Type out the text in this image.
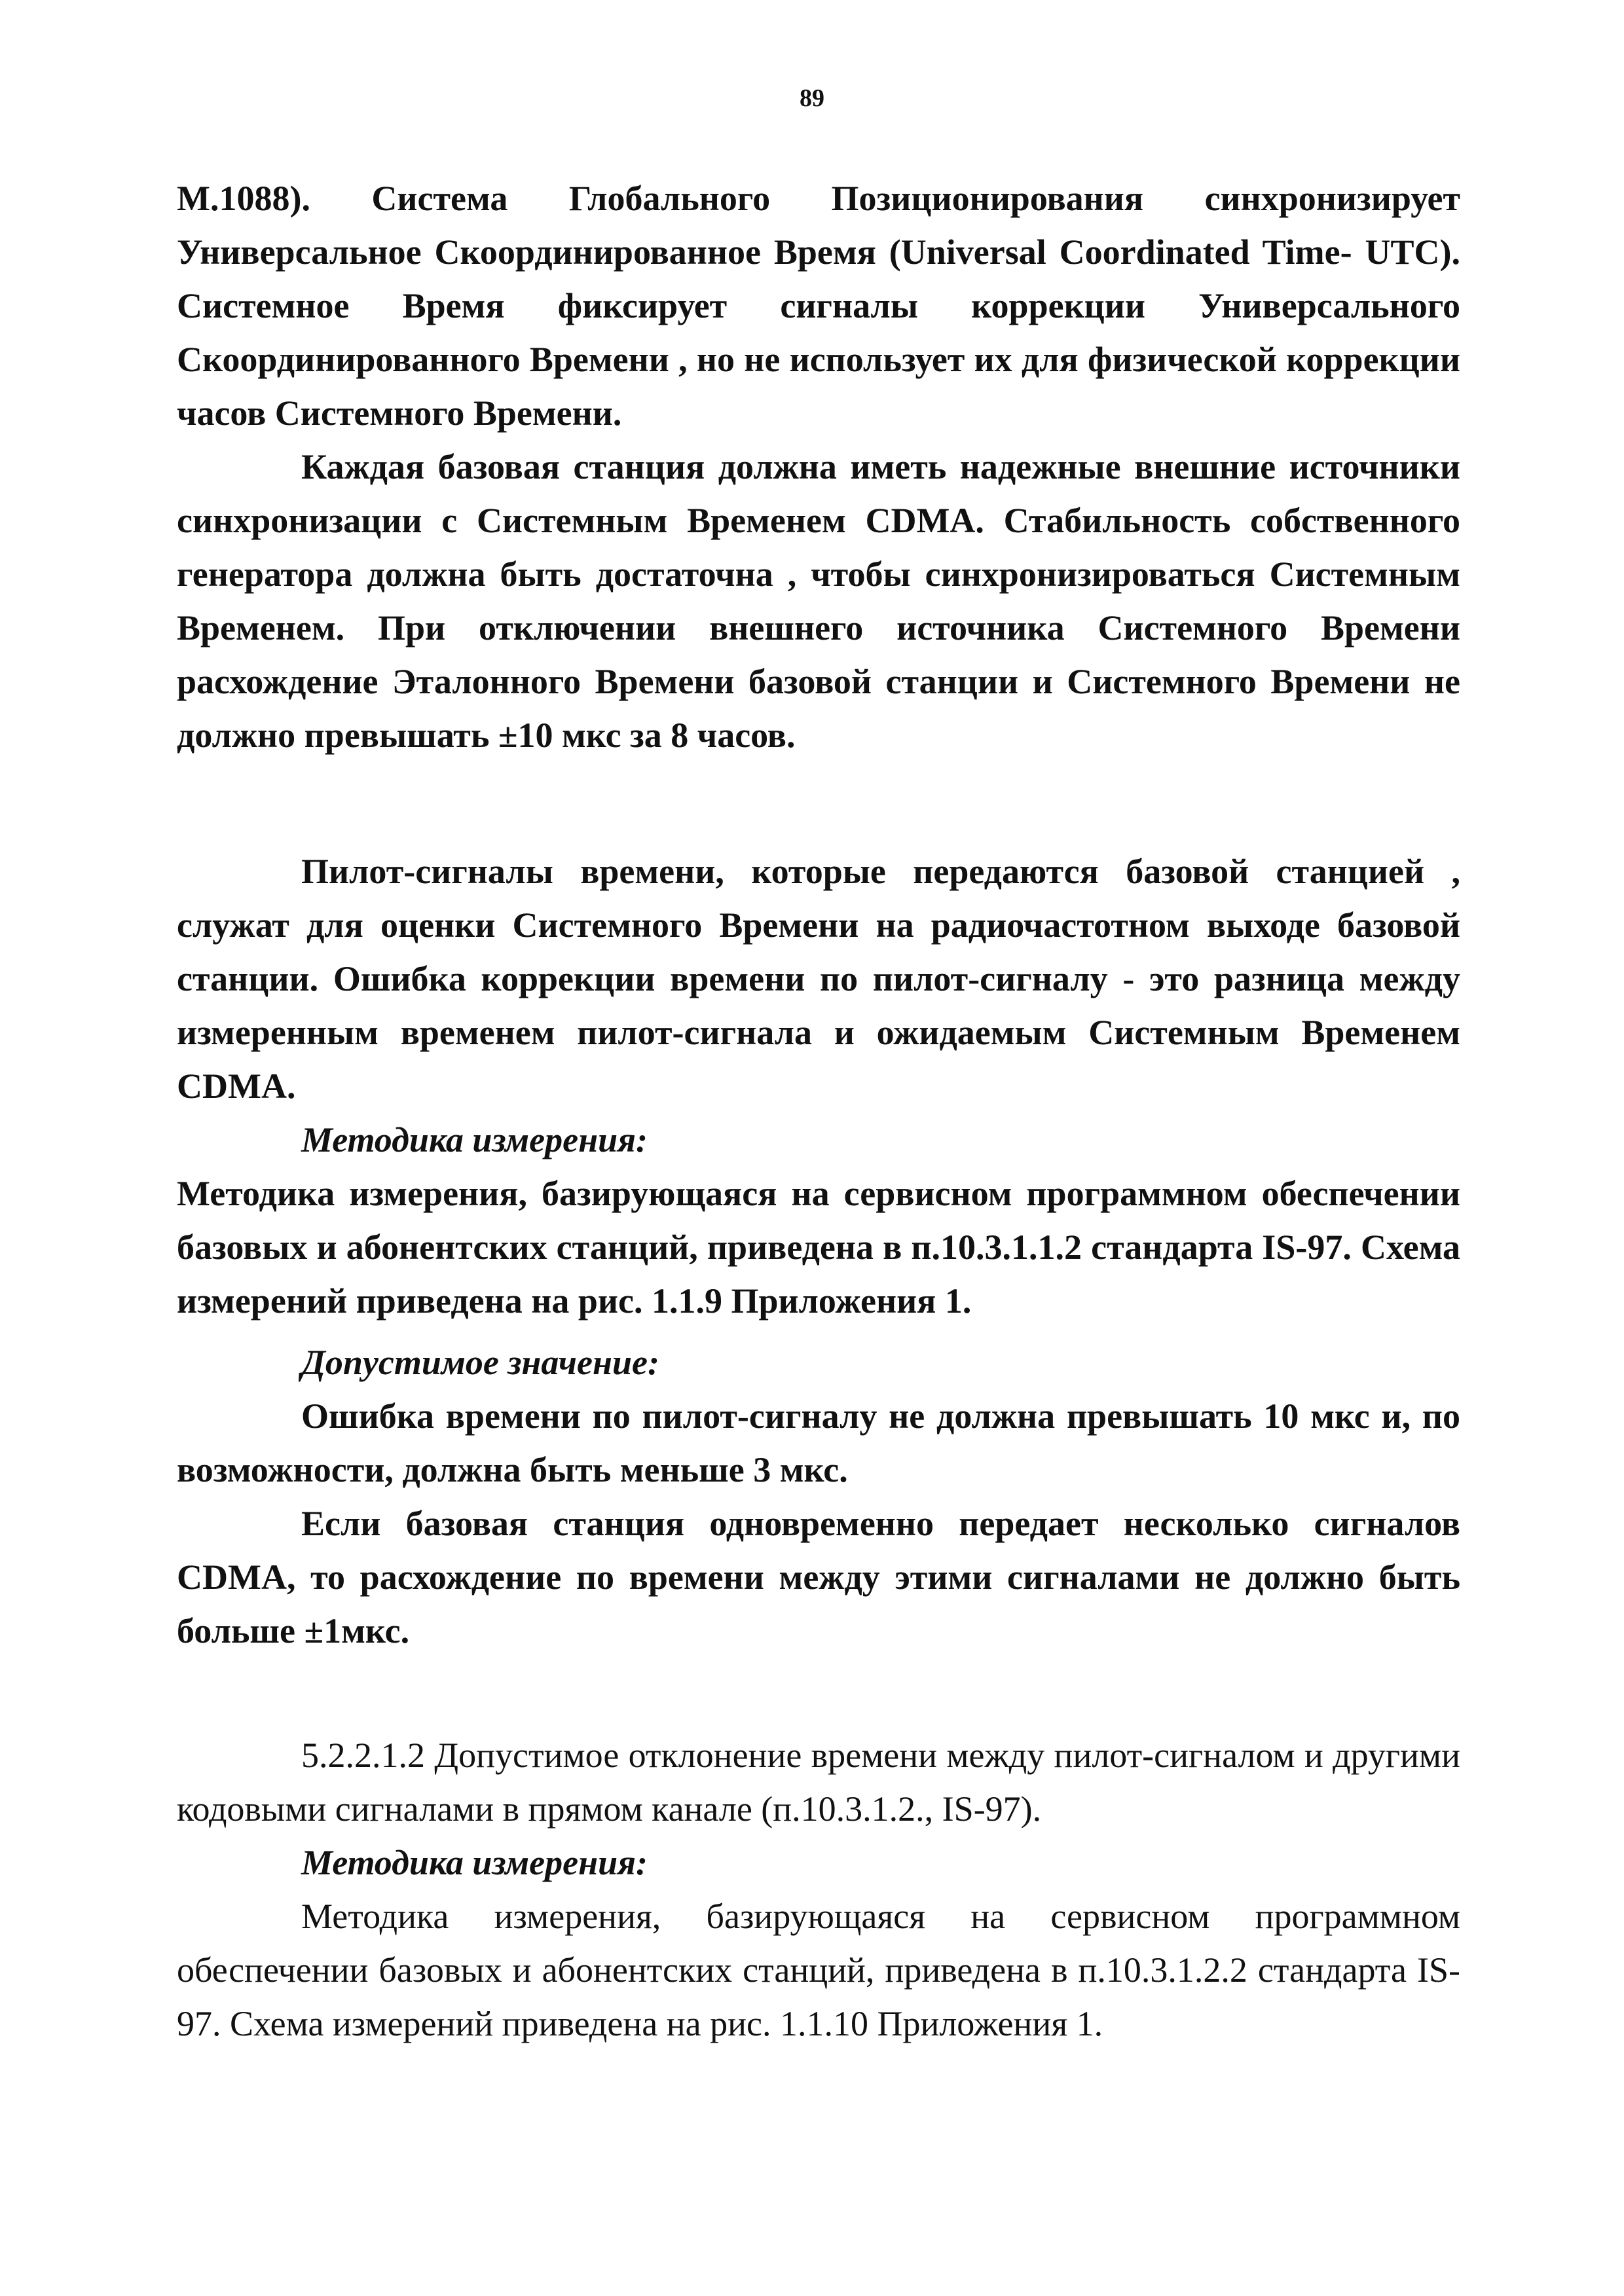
89

М.1088). Система Глобального Позиционирования синхронизирует Универсальное Скоординированное Время (Universal Coordinated Time- UTC). Системное Время фиксирует сигналы коррекции Универсального Скоординированного Времени , но не использует их для физической коррекции часов Системного Времени.

Каждая базовая станция должна иметь надежные внешние источники синхронизации с Системным Временем CDMA. Стабильность собственного генератора должна быть достаточна , чтобы синхронизироваться Системным Временем. При отключении внешнего источника Системного Времени расхождение Эталонного Времени базовой станции и Системного Времени не должно превышать ±10 мкс за 8 часов.

Пилот-сигналы времени, которые передаются базовой станцией , служат для оценки Системного Времени на радиочастотном выходе базовой станции. Ошибка коррекции времени по пилот-сигналу - это разница между измеренным временем пилот-сигнала и ожидаемым Системным Временем CDMA.

Методика измерения:

Методика измерения, базирующаяся на сервисном программном обеспечении базовых и абонентских станций, приведена в п.10.3.1.1.2 стандарта IS-97. Схема измерений приведена на рис. 1.1.9 Приложения 1.

Допустимое значение:

Ошибка времени по пилот-сигналу не должна превышать 10 мкс и, по возможности, должна быть меньше 3 мкс.

Если базовая станция одновременно передает несколько сигналов CDMA, то расхождение по времени между этими сигналами не должно быть больше ±1мкс.

5.2.2.1.2 Допустимое отклонение времени между пилот-сигналом и другими кодовыми сигналами в прямом канале (п.10.3.1.2., IS-97).

Методика измерения:

Методика измерения, базирующаяся на сервисном программном обеспечении базовых и абонентских станций, приведена в п.10.3.1.2.2 стандарта IS-97. Схема измерений приведена на рис. 1.1.10 Приложения 1.
